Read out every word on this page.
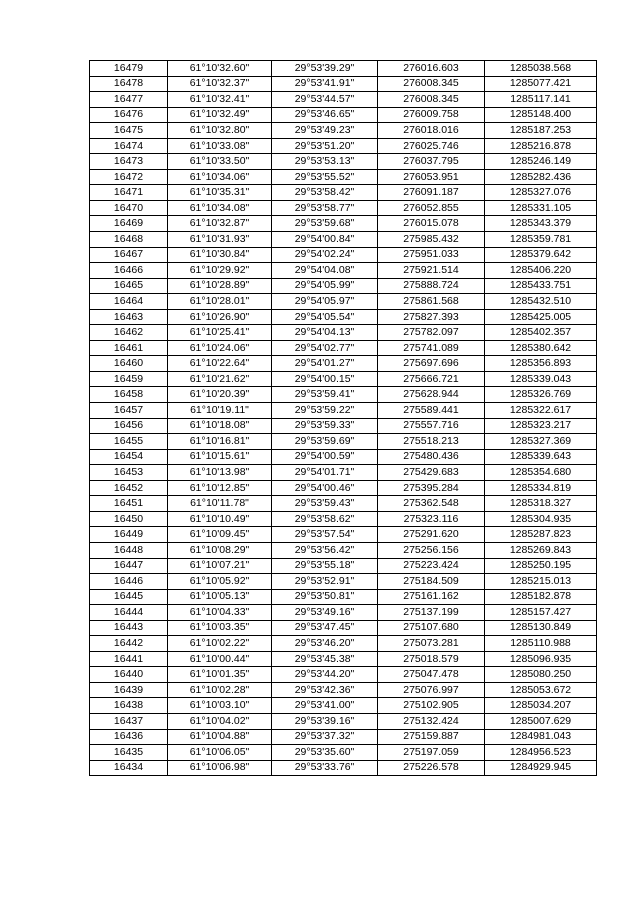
16479	61°10'32.60"	29°53'39.29"	276016.603	1285038.568
16478	61°10'32.37"	29°53'41.91"	276008.345	1285077.421
16477	61°10'32.41"	29°53'44.57"	276008.345	1285117.141
16476	61°10'32.49"	29°53'46.65"	276009.758	1285148.400
16475	61°10'32.80"	29°53'49.23"	276018.016	1285187.253
16474	61°10'33.08"	29°53'51.20"	276025.746	1285216.878
16473	61°10'33.50"	29°53'53.13"	276037.795	1285246.149
16472	61°10'34.06"	29°53'55.52"	276053.951	1285282.436
16471	61°10'35.31"	29°53'58.42"	276091.187	1285327.076
16470	61°10'34.08"	29°53'58.77"	276052.855	1285331.105
16469	61°10'32.87"	29°53'59.68"	276015.078	1285343.379
16468	61°10'31.93"	29°54'00.84"	275985.432	1285359.781
16467	61°10'30.84"	29°54'02.24"	275951.033	1285379.642
16466	61°10'29.92"	29°54'04.08"	275921.514	1285406.220
16465	61°10'28.89"	29°54'05.99"	275888.724	1285433.751
16464	61°10'28.01"	29°54'05.97"	275861.568	1285432.510
16463	61°10'26.90"	29°54'05.54"	275827.393	1285425.005
16462	61°10'25.41"	29°54'04.13"	275782.097	1285402.357
16461	61°10'24.06"	29°54'02.77"	275741.089	1285380.642
16460	61°10'22.64"	29°54'01.27"	275697.696	1285356.893
16459	61°10'21.62"	29°54'00.15"	275666.721	1285339.043
16458	61°10'20.39"	29°53'59.41"	275628.944	1285326.769
16457	61°10'19.11"	29°53'59.22"	275589.441	1285322.617
16456	61°10'18.08"	29°53'59.33"	275557.716	1285323.217
16455	61°10'16.81"	29°53'59.69"	275518.213	1285327.369
16454	61°10'15.61"	29°54'00.59"	275480.436	1285339.643
16453	61°10'13.98"	29°54'01.71"	275429.683	1285354.680
16452	61°10'12.85"	29°54'00.46"	275395.284	1285334.819
16451	61°10'11.78"	29°53'59.43"	275362.548	1285318.327
16450	61°10'10.49"	29°53'58.62"	275323.116	1285304.935
16449	61°10'09.45"	29°53'57.54"	275291.620	1285287.823
16448	61°10'08.29"	29°53'56.42"	275256.156	1285269.843
16447	61°10'07.21"	29°53'55.18"	275223.424	1285250.195
16446	61°10'05.92"	29°53'52.91"	275184.509	1285215.013
16445	61°10'05.13"	29°53'50.81"	275161.162	1285182.878
16444	61°10'04.33"	29°53'49.16"	275137.199	1285157.427
16443	61°10'03.35"	29°53'47.45"	275107.680	1285130.849
16442	61°10'02.22"	29°53'46.20"	275073.281	1285110.988
16441	61°10'00.44"	29°53'45.38"	275018.579	1285096.935
16440	61°10'01.35"	29°53'44.20"	275047.478	1285080.250
16439	61°10'02.28"	29°53'42.36"	275076.997	1285053.672
16438	61°10'03.10"	29°53'41.00"	275102.905	1285034.207
16437	61°10'04.02"	29°53'39.16"	275132.424	1285007.629
16436	61°10'04.88"	29°53'37.32"	275159.887	1284981.043
16435	61°10'06.05"	29°53'35.60"	275197.059	1284956.523
16434	61°10'06.98"	29°53'33.76"	275226.578	1284929.945
